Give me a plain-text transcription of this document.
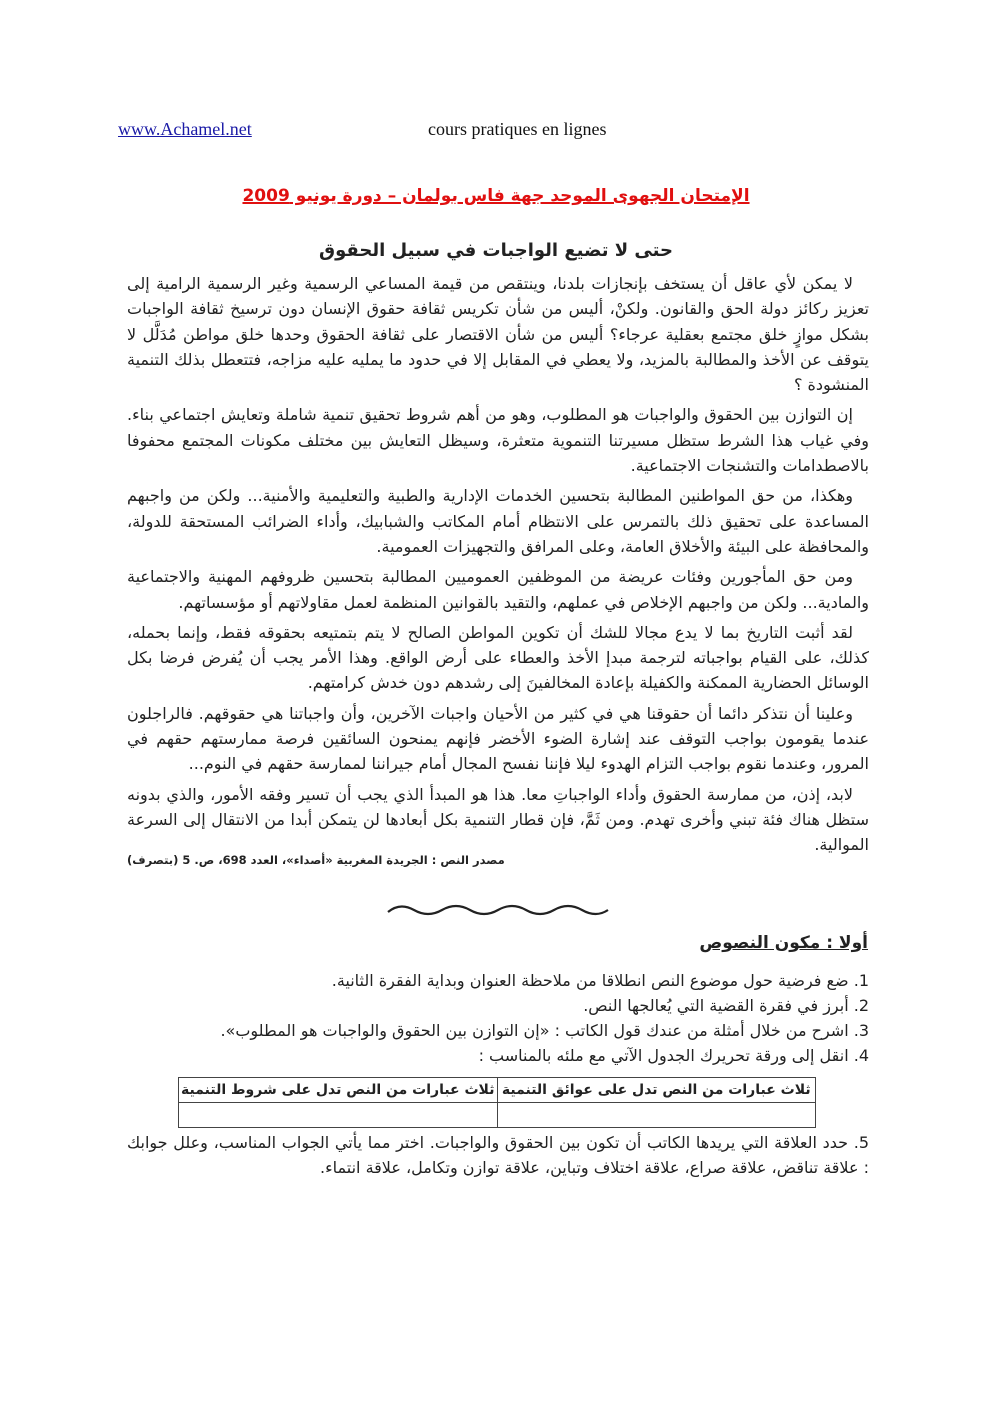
www.Achamel.net	cours pratiques en lignes
الإمتحان الجهوى الموحد جهة فاس بولمان – دورة يونيو 2009
حتى لا تضيع الواجبات في سبيل الحقوق

لا يمكن لأي عاقل أن يستخف بإنجازات بلدنا، وينتقص من قيمة المساعي الرسمية وغير الرسمية الرامية إلى تعزيز ركائز دولة الحق والقانون. ولكنْ، أليس من شأن تكريس ثقافة حقوق الإنسان دون ترسيخ ثقافة الواجبات بشكل موازٍ خلق مجتمع بعقلية عرجاء؟ أليس من شأن الاقتصار على ثقافة الحقوق وحدها خلق مواطن مُدَلَّل لا يتوقف عن الأخذ والمطالبة بالمزيد، ولا يعطي في المقابل إلا في حدود ما يمليه عليه مزاجه، فتتعطل بذلك التنمية المنشودة ؟

إن التوازن بين الحقوق والواجبات هو المطلوب، وهو من أهم شروط تحقيق تنمية شاملة وتعايش اجتماعي بناء. وفي غياب هذا الشرط ستظل مسيرتنا التنموية متعثرة، وسيظل التعايش بين مختلف مكونات المجتمع محفوفا بالاصطدامات والتشنجات الاجتماعية.

وهكذا، من حق المواطنين المطالبة بتحسين الخدمات الإدارية والطبية والتعليمية والأمنية... ولكن من واجبهم المساعدة على تحقيق ذلك بالتمرس على الانتظام أمام المكاتب والشبابيك، وأداء الضرائب المستحقة للدولة، والمحافظة على البيئة والأخلاق العامة، وعلى المرافق والتجهيزات العمومية.

ومن حق المأجورين وفئات عريضة من الموظفين العموميين المطالبة بتحسين ظروفهم المهنية والاجتماعية والمادية... ولكن من واجبهم الإخلاص في عملهم، والتقيد بالقوانين المنظمة لعمل مقاولاتهم أو مؤسساتهم.

لقد أثبت التاريخ بما لا يدع مجالا للشك أن تكوين المواطن الصالح لا يتم بتمتيعه بحقوقه فقط، وإنما بحمله، كذلك، على القيام بواجباته لترجمة مبدإ الأخذ والعطاء على أرض الواقع. وهذا الأمر يجب أن يُفرض فرضا بكل الوسائل الحضارية الممكنة والكفيلة بإعادة المخالفينَ إلى رشدهم دون خدش كرامتهم.

وعلينا أن نتذكر دائما أن حقوقنا هي في كثير من الأحيان واجبات الآخرين، وأن واجباتنا هي حقوقهم. فالراجلون عندما يقومون بواجب التوقف عند إشارة الضوء الأخضر فإنهم يمنحون السائقين فرصة ممارستهم حقهم في المرور، وعندما نقوم بواجب التزام الهدوء ليلا فإننا نفسح المجال أمام جيراننا لممارسة حقهم في النوم...

لابد، إذن، من ممارسة الحقوق وأداء الواجباتِ معا. هذا هو المبدأ الذي يجب أن تسير وفقه الأمور، والذي بدونه ستظل هناك فئة تبني وأخرى تهدم. ومن ثَمَّ، فإن قطار التنمية بكل أبعادها لن يتمكن أبدا من الانتقال إلى السرعة الموالية.

مصدر النص : الجريدة المغربية «أصداء»، العدد 698، ص. 5 (بتصرف)
أولا : مكون النصوص
1. ضع فرضية حول موضوع النص انطلاقا من ملاحظة العنوان وبداية الفقرة الثانية.
2. أبرز في فقرة القضية التي يُعالجها النص.
3. اشرح من خلال أمثلة من عندك قول الكاتب : «إن التوازن بين الحقوق والواجبات هو المطلوب».
4. انقل إلى ورقة تحريرك الجدول الآتي مع ملئه بالمناسب :
ثلاث عبارات من النص تدل على عوائق التنمية	ثلاث عبارات من النص تدل على شروط التنمية

5. حدد العلاقة التي يريدها الكاتب أن تكون بين الحقوق والواجبات. اختر مما يأتي الجواب المناسب، وعلل جوابك : علاقة تناقض، علاقة صراع، علاقة اختلاف وتباين، علاقة توازن وتكامل، علاقة انتماء.
